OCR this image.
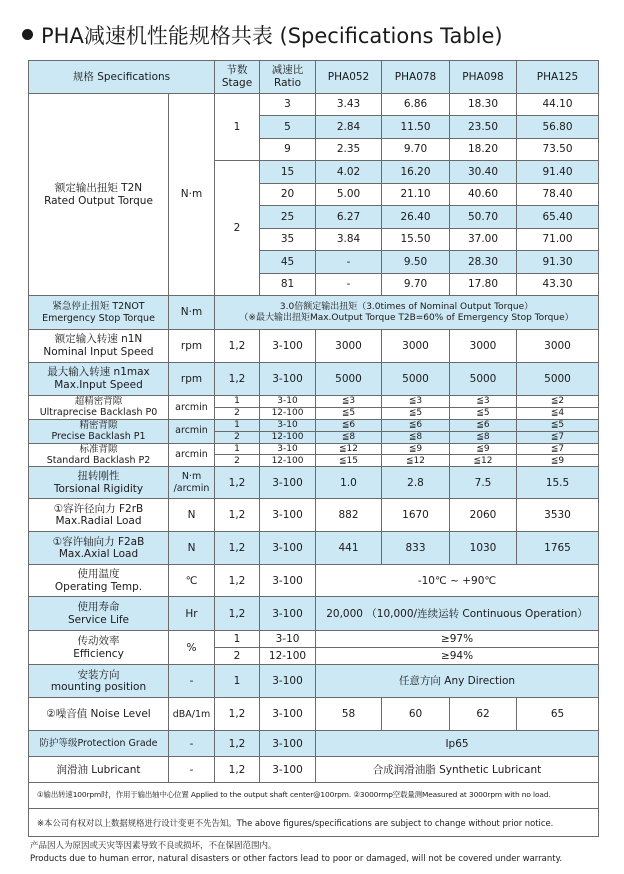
PHA减速机性能规格共表 (Specifications Table)
规格 Specifications		节数
Stage	减速比
Ratio	PHA052	PHA078	PHA098	PHA125

额定输出扭矩 T2N
Rated Output Torque	N·m	1	3	3.43	6.86	18.30	44.10
			5	2.84	11.50	23.50	56.80
			9	2.35	9.70	18.20	73.50
		2	15	4.02	16.20	30.40	91.40
			20	5.00	21.10	40.60	78.40
			25	6.27	26.40	50.70	65.40
			35	3.84	15.50	37.00	71.00
			45	-	9.50	28.30	91.30
			81	-	9.70	17.80	43.30

紧急停止扭矩 T2NOT
Emergency Stop Torque	N·m	3.0倍额定输出扭矩（3.0times of Nominal Output Torque）
（※最大输出扭矩Max.Output Torque T2B=60% of Emergency Stop Torque）					

额定输入转速 n1N
Nominal Input Speed	rpm	1,2	3-100	3000	3000	3000	3000

最大输入转速 n1max
Max.Input Speed	rpm	1,2	3-100	5000	5000	5000	5000

超精密背隙
Ultraprecise Backlash P0	arcmin	1	3-10	≦3	≦3	≦3	≦2
		2	12-100	≦5	≦5	≦5	≦4

精密背隙
Precise Backlash P1	arcmin	1	3-10	≦6	≦6	≦6	≦5
		2	12-100	≦8	≦8	≦8	≦7

标准背隙
Standard Backlash P2	arcmin	1	3-10	≦12	≦9	≦9	≦7
		2	12-100	≦15	≦12	≦12	≦9

扭转刚性
Torsional Rigidity	N·m
/arcmin	1,2	3-100	1.0	2.8	7.5	15.5

①容许径向力 F2rB
Max.Radial Load	N	1,2	3-100	882	1670	2060	3530

①容许轴向力 F2aB
Max.Axial Load	N	1,2	3-100	441	833	1030	1765

使用温度
Operating Temp.	℃	1,2	3-100	-10℃ ~ +90℃			

使用寿命
Service Life	Hr	1,2	3-100	20,000 （10,000/连续运转 Continuous Operation）			

传动效率
Efficiency	%	1	3-10	≥97%			
		2	12-100	≥94%			

安装方向
mounting position	-	1	3-100	任意方向 Any Direction			
②噪音值 Noise Level	dBA/1m	1,2	3-100	58	60	62	65
防护等级Protection Grade	-	1,2	3-100	Ip65			
润滑油 Lubricant	-	1,2	3-100	合成润滑油脂 Synthetic Lubricant			
①输出转速100rpm时，作用于输出轴中心位置 Applied to the output shaft center@100rpm. ②3000rmp空载量测Measured at 3000rpm with no load.							
※本公司有权对以上数据规格进行设计变更不先告知。The above figures/specifications are subject to change without prior notice.							
产品因人为原因或天灾等因素导致不良或损坏，不在保固范围内。 Products due to human error, natural disasters or other factors lead to poor or damaged, will not be covered under warranty.
